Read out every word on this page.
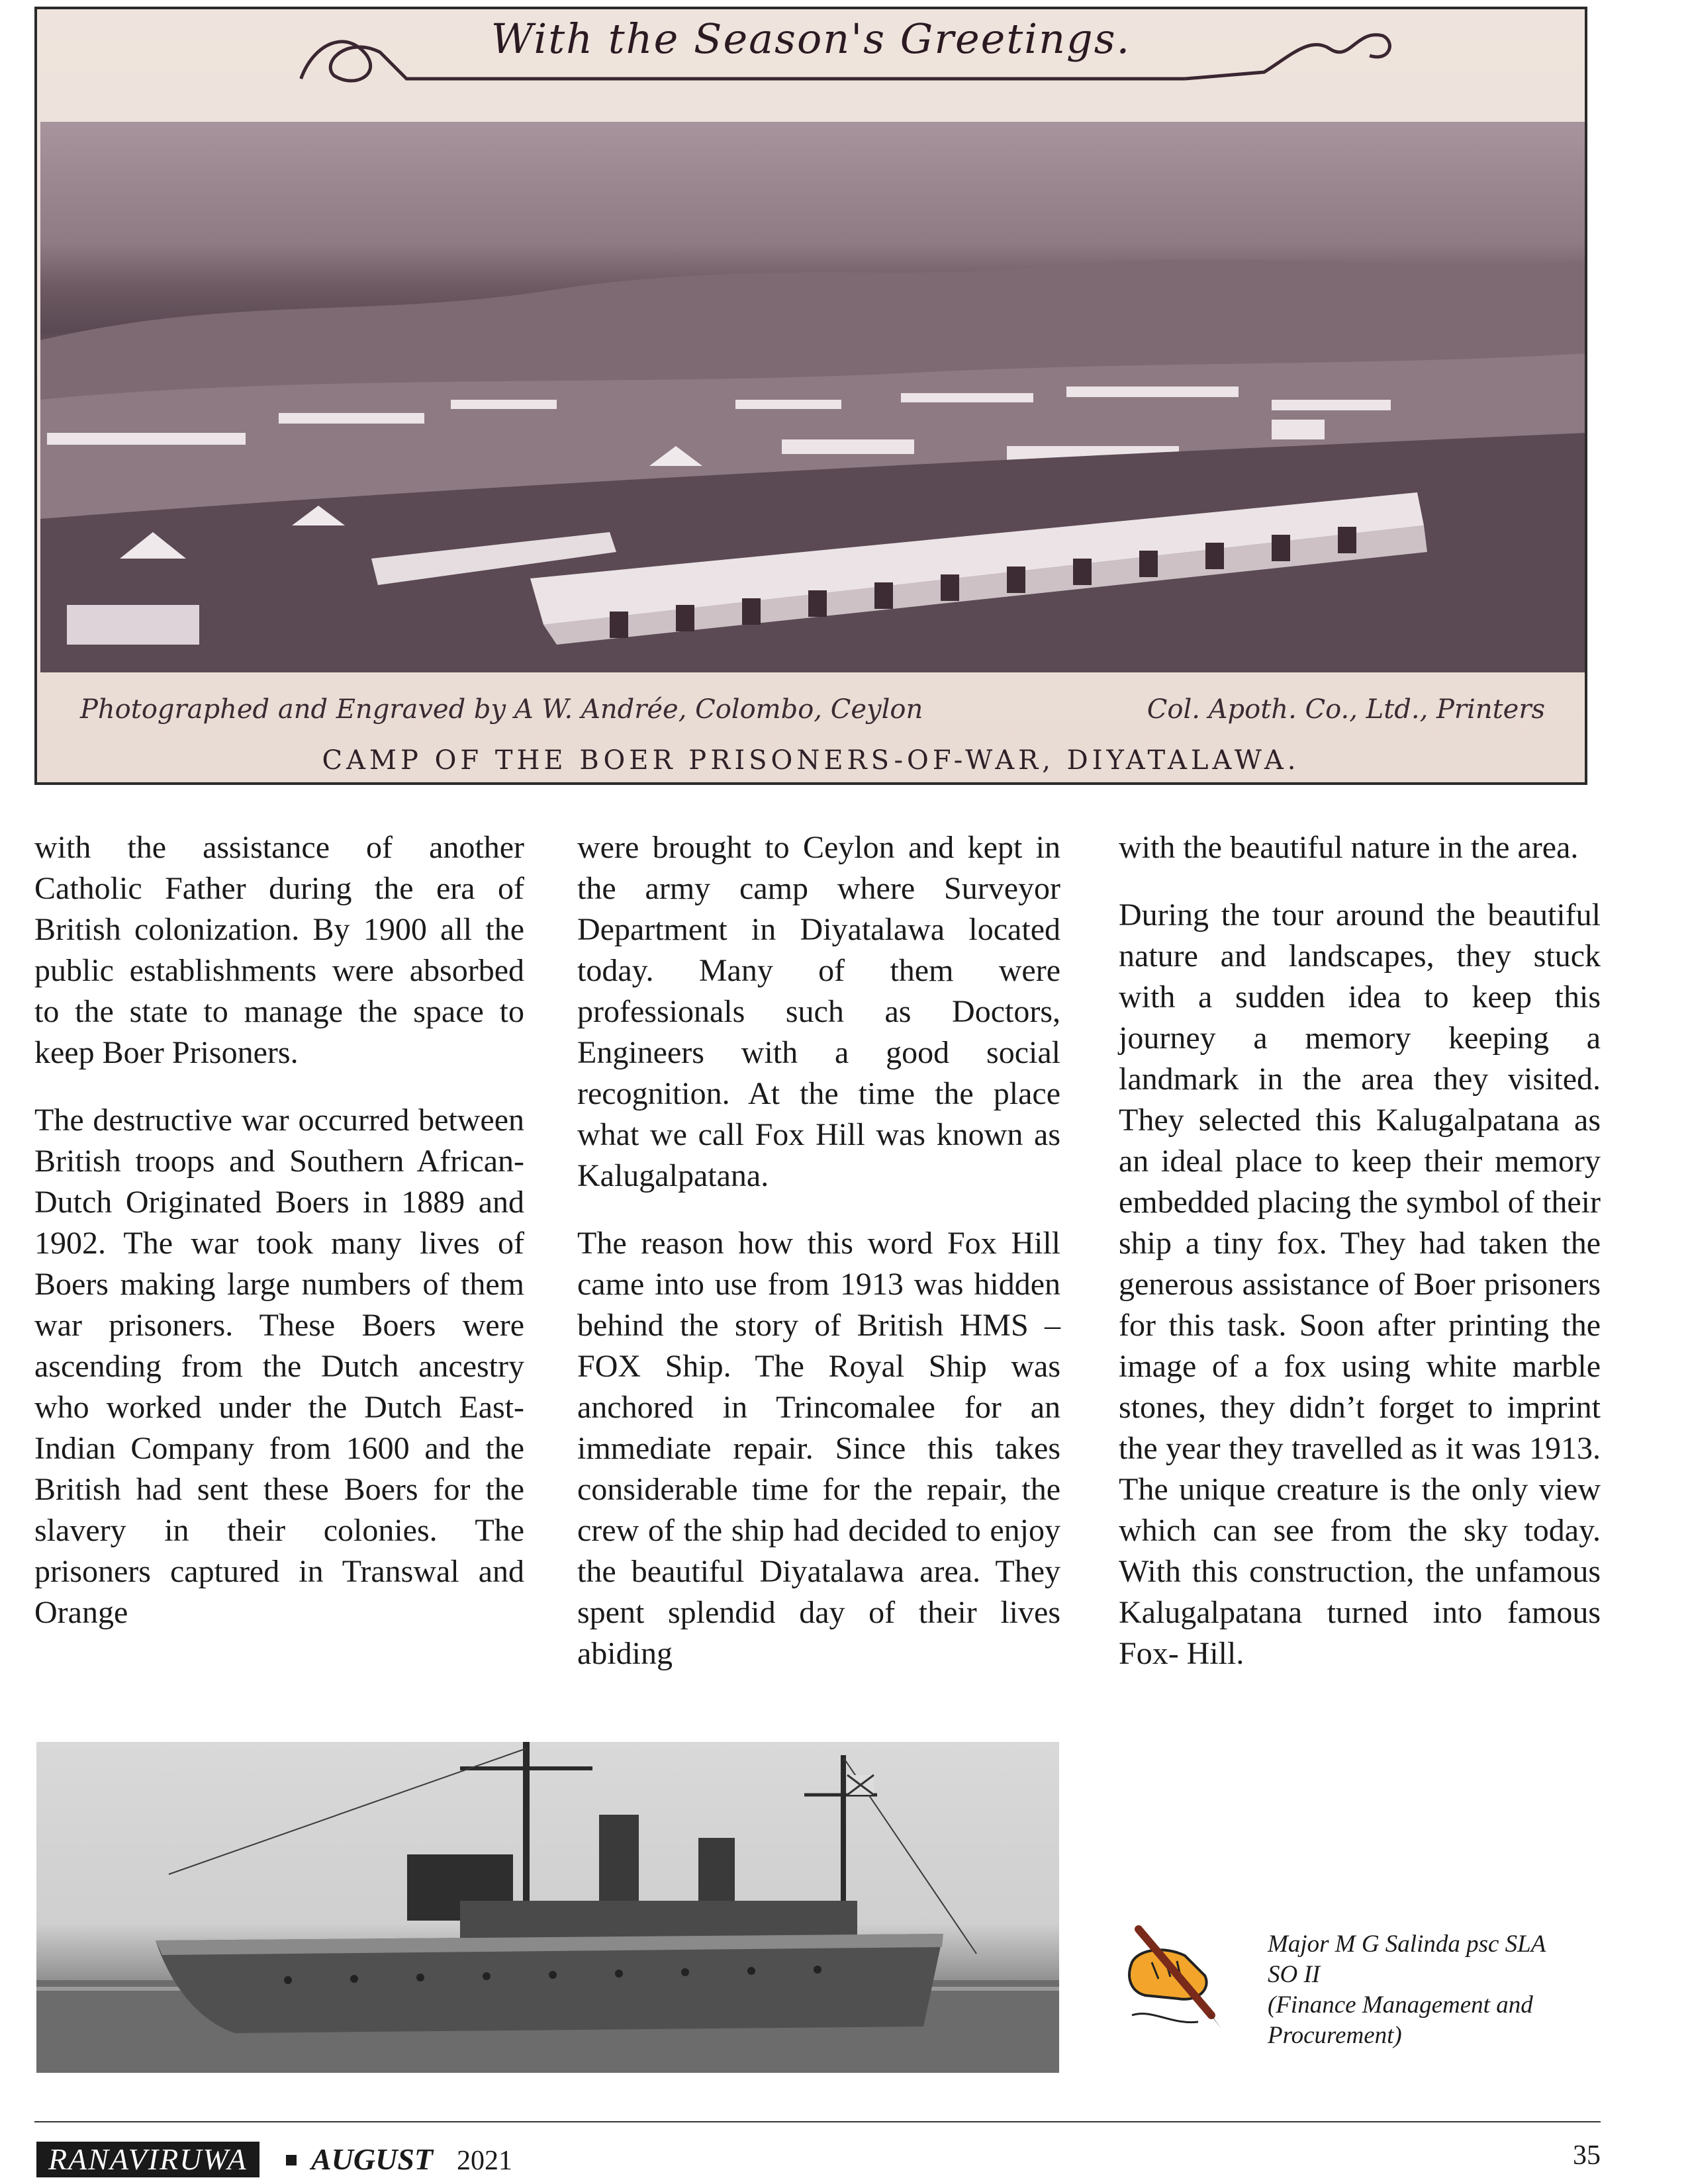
With the Season's Greetings.
Photographed and Engraved by A W. Andrée, Colombo, Ceylon	Col. Apoth. Co., Ltd., Printers
CAMP OF THE BOER PRISONERS-OF-WAR, DIYATALAWA.

with the assistance of another Catholic Father during the era of British colonization. By 1900 all the public establishments were absorbed to the state to manage the space to keep Boer Prisoners.

The destructive war occurred between British troops and Southern African-Dutch Originated Boers in 1889 and 1902. The war took many lives of Boers making large numbers of them war prisoners. These Boers were ascending from the Dutch ancestry who worked under the Dutch East-Indian Company from 1600 and the British had sent these Boers for the slavery in their colonies. The prisoners captured in Transwal and Orange

were brought to Ceylon and kept in the army camp where Surveyor Department in Diyatalawa located today. Many of them were professionals such as Doctors, Engineers with a good social recognition. At the time the place what we call Fox Hill was known as Kalugalpatana.

The reason how this word Fox Hill came into use from 1913 was hidden behind the story of British HMS – FOX Ship. The Royal Ship was anchored in Trincomalee for an immediate repair. Since this takes considerable time for the repair, the crew of the ship had decided to enjoy the beautiful Diyatalawa area. They spent splendid day of their lives abiding

with the beautiful nature in the area.

During the tour around the beautiful nature and landscapes, they stuck with a sudden idea to keep this journey a memory keeping a landmark in the area they visited. They selected this Kalugalpatana as an ideal place to keep their memory embedded placing the symbol of their ship a tiny fox. They had taken the generous assistance of Boer prisoners for this task. Soon after printing the image of a fox using white marble stones, they didn’t forget to imprint the year they travelled as it was 1913. The unique creature is the only view which can see from the sky today. With this construction, the unfamous Kalugalpatana turned into famous Fox- Hill.

Major M G Salinda psc SLA
SO II
(Finance Management and
Procurement)
RANAVIRUWA	AUGUST 2021	35
